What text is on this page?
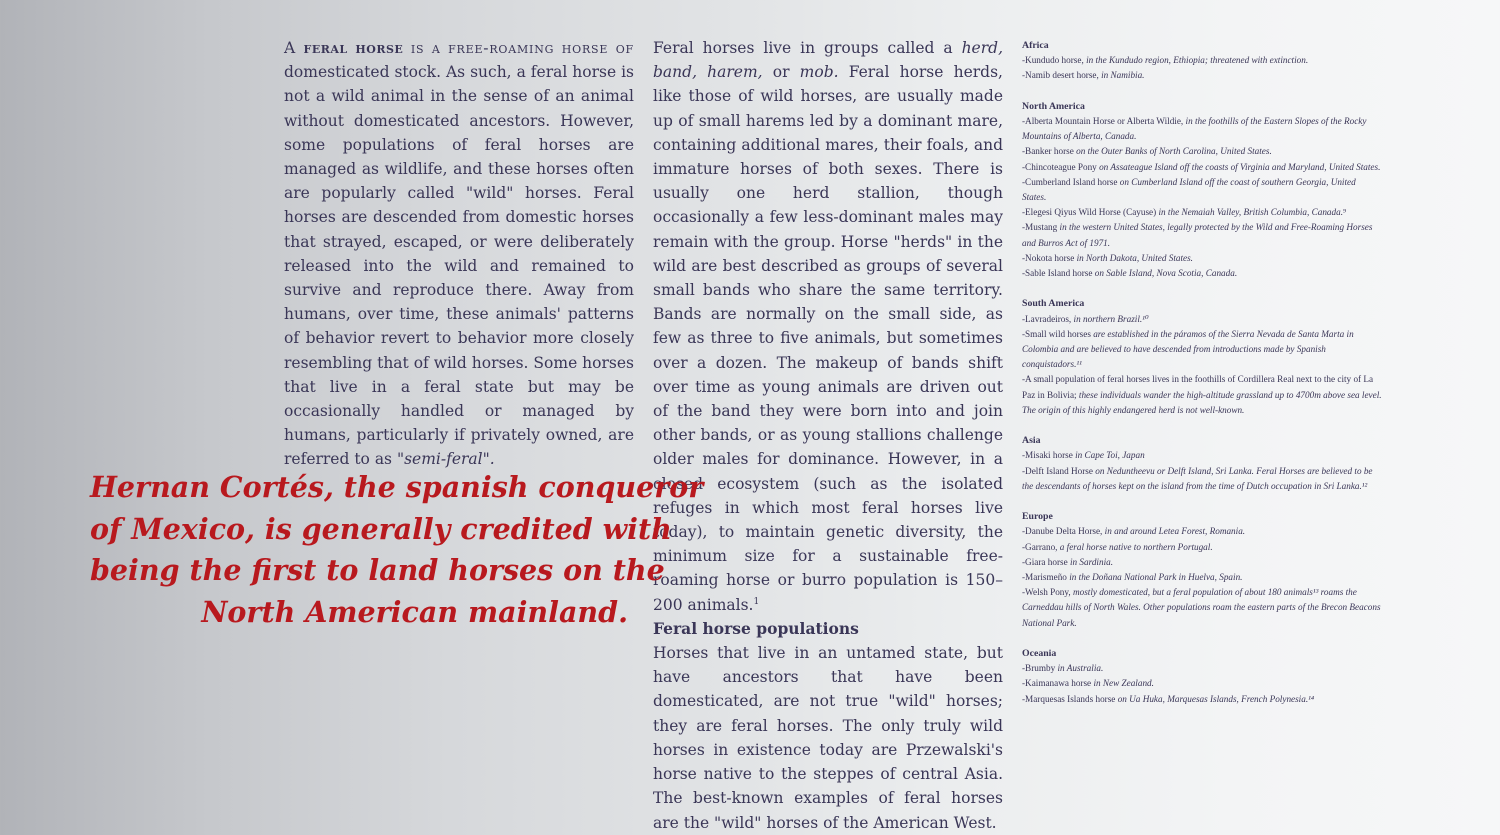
A feral horse is a free-roaming horse of domesticated stock. As such, a feral horse is not a wild animal in the sense of an animal without domesticated ancestors. However, some populations of feral horses are managed as wildlife, and these horses often are popularly called "wild" horses. Feral horses are descended from domestic horses that strayed, escaped, or were deliberately released into the wild and remained to survive and reproduce there. Away from humans, over time, these animals' patterns of behavior revert to behavior more closely resembling that of wild horses. Some horses that live in a feral state but may be occasionally handled or managed by humans, particularly if privately owned, are referred to as "semi-feral".

Feral horses live in groups called a herd, band, harem, or mob. Feral horse herds, like those of wild horses, are usually made up of small harems led by a dominant mare, containing additional mares, their foals, and immature horses of both sexes. There is usually one herd stallion, though occasionally a few less-dominant males may remain with the group. Horse "herds" in the wild are best described as groups of several small bands who share the same territory. Bands are normally on the small side, as few as three to five animals, but sometimes over a dozen. The makeup of bands shift over time as young animals are driven out of the band they were born into and join other bands, or as young stallions challenge older males for dominance. However, in a closed ecosystem (such as the isolated refuges in which most feral horses live today), to maintain genetic diversity, the minimum size for a sustainable free-roaming horse or burro population is 150–200 animals.$^1$

Feral horse populations

Horses that live in an untamed state, but have ancestors that have been domesticated, are not true "wild" horses; they are feral horses. The only truly wild horses in existence today are Przewalski's horse native to the steppes of central Asia. The best-known examples of feral horses are the "wild" horses of the American West.

Hernan Cortés, the spanish conqueror
of Mexico, is generally credited with
being the first to land horses on the
North American mainland.
Africa

-Kundudo horse, in the Kundudo region, Ethiopia; threatened with extinction.

-Namib desert horse, in Namibia.

North America

-Alberta Mountain Horse or Alberta Wildie, in the foothills of the Eastern Slopes of the Rocky Mountains of Alberta, Canada.

-Banker horse on the Outer Banks of North Carolina, United States.

-Chincoteague Pony on Assateague Island off the coasts of Virginia and Maryland, United States.

-Cumberland Island horse on Cumberland Island off the coast of southern Georgia, United States.

-Elegesi Qiyus Wild Horse (Cayuse) in the Nemaiah Valley, British Columbia, Canada.⁹

-Mustang in the western United States, legally protected by the Wild and Free-Roaming Horses and Burros Act of 1971.

-Nokota horse in North Dakota, United States.

-Sable Island horse on Sable Island, Nova Scotia, Canada.

South America

-Lavradeiros, in northern Brazil.¹⁰

-Small wild horses are established in the páramos of the Sierra Nevada de Santa Marta in Colombia and are believed to have descended from introductions made by Spanish conquistadors.¹¹

-A small population of feral horses lives in the foothills of Cordillera Real next to the city of La Paz in Bolivia; these individuals wander the high-altitude grassland up to 4700m above sea level. The origin of this highly endangered herd is not well-known.

Asia

-Misaki horse in Cape Toi, Japan

-Delft Island Horse on Neduntheevu or Delft Island, Sri Lanka. Feral Horses are believed to be the descendants of horses kept on the island from the time of Dutch occupation in Sri Lanka.¹²

Europe

-Danube Delta Horse, in and around Letea Forest, Romania.

-Garrano, a feral horse native to northern Portugal.

-Giara horse in Sardinia.

-Marismeño in the Doñana National Park in Huelva, Spain.

-Welsh Pony, mostly domesticated, but a feral population of about 180 animals¹³ roams the Carneddau hills of North Wales. Other populations roam the eastern parts of the Brecon Beacons National Park.

Oceania

-Brumby in Australia.

-Kaimanawa horse in New Zealand.

-Marquesas Islands horse on Ua Huka, Marquesas Islands, French Polynesia.¹⁴
